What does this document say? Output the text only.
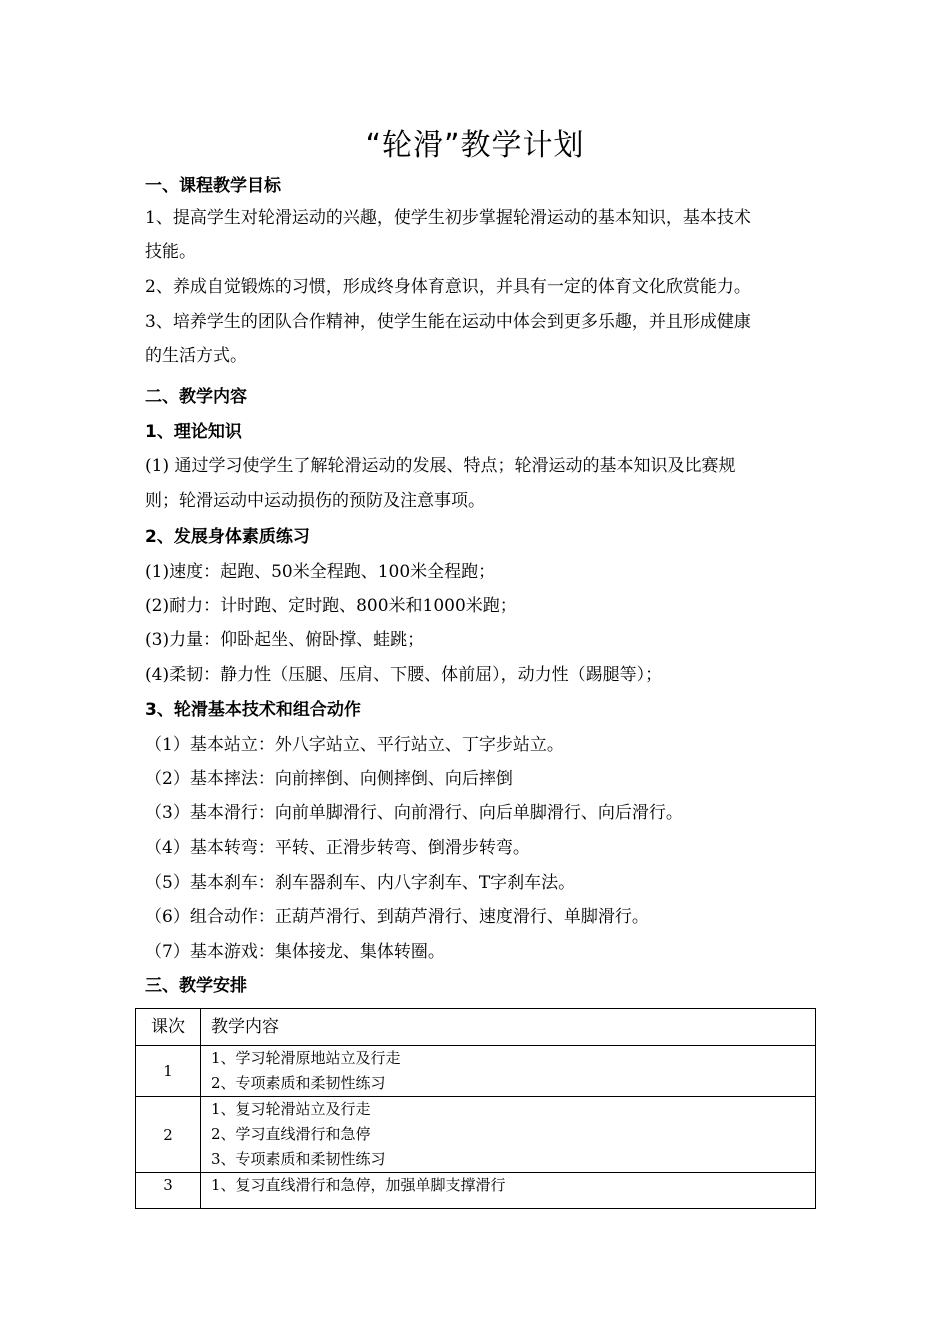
“轮滑”教学计划
一、课程教学目标
1、提高学生对轮滑运动的兴趣，使学生初步掌握轮滑运动的基本知识，基本技术
技能。
2、养成自觉锻炼的习惯，形成终身体育意识，并具有一定的体育文化欣赏能力。
3、培养学生的团队合作精神，使学生能在运动中体会到更多乐趣，并且形成健康
的生活方式。
二、教学内容
1、理论知识
(1) 通过学习使学生了解轮滑运动的发展、特点；轮滑运动的基本知识及比赛规
则；轮滑运动中运动损伤的预防及注意事项。
2、发展身体素质练习
(1)速度：起跑、50米全程跑、100米全程跑；
(2)耐力：计时跑、定时跑、800米和1000米跑；
(3)力量：仰卧起坐、俯卧撑、蛙跳；
(4)柔韧：静力性（压腿、压肩、下腰、体前屈），动力性（踢腿等）；
3、轮滑基本技术和组合动作
（1）基本站立：外八字站立、平行站立、丁字步站立。
（2）基本摔法：向前摔倒、向侧摔倒、向后摔倒
（3）基本滑行：向前单脚滑行、向前滑行、向后单脚滑行、向后滑行。
（4）基本转弯：平转、正滑步转弯、倒滑步转弯。
（5）基本刹车：刹车器刹车、内八字刹车、T字刹车法。
（6）组合动作：正葫芦滑行、到葫芦滑行、速度滑行、单脚滑行。
（7）基本游戏：集体接龙、集体转圈。
三、教学安排
课次	教学内容
1	1、学习轮滑原地站立及行走
2、专项素质和柔韧性练习

2	1、复习轮滑站立及行走
2、学习直线滑行和急停
3、专项素质和柔韧性练习

3	1、复习直线滑行和急停，加强单脚支撑滑行
